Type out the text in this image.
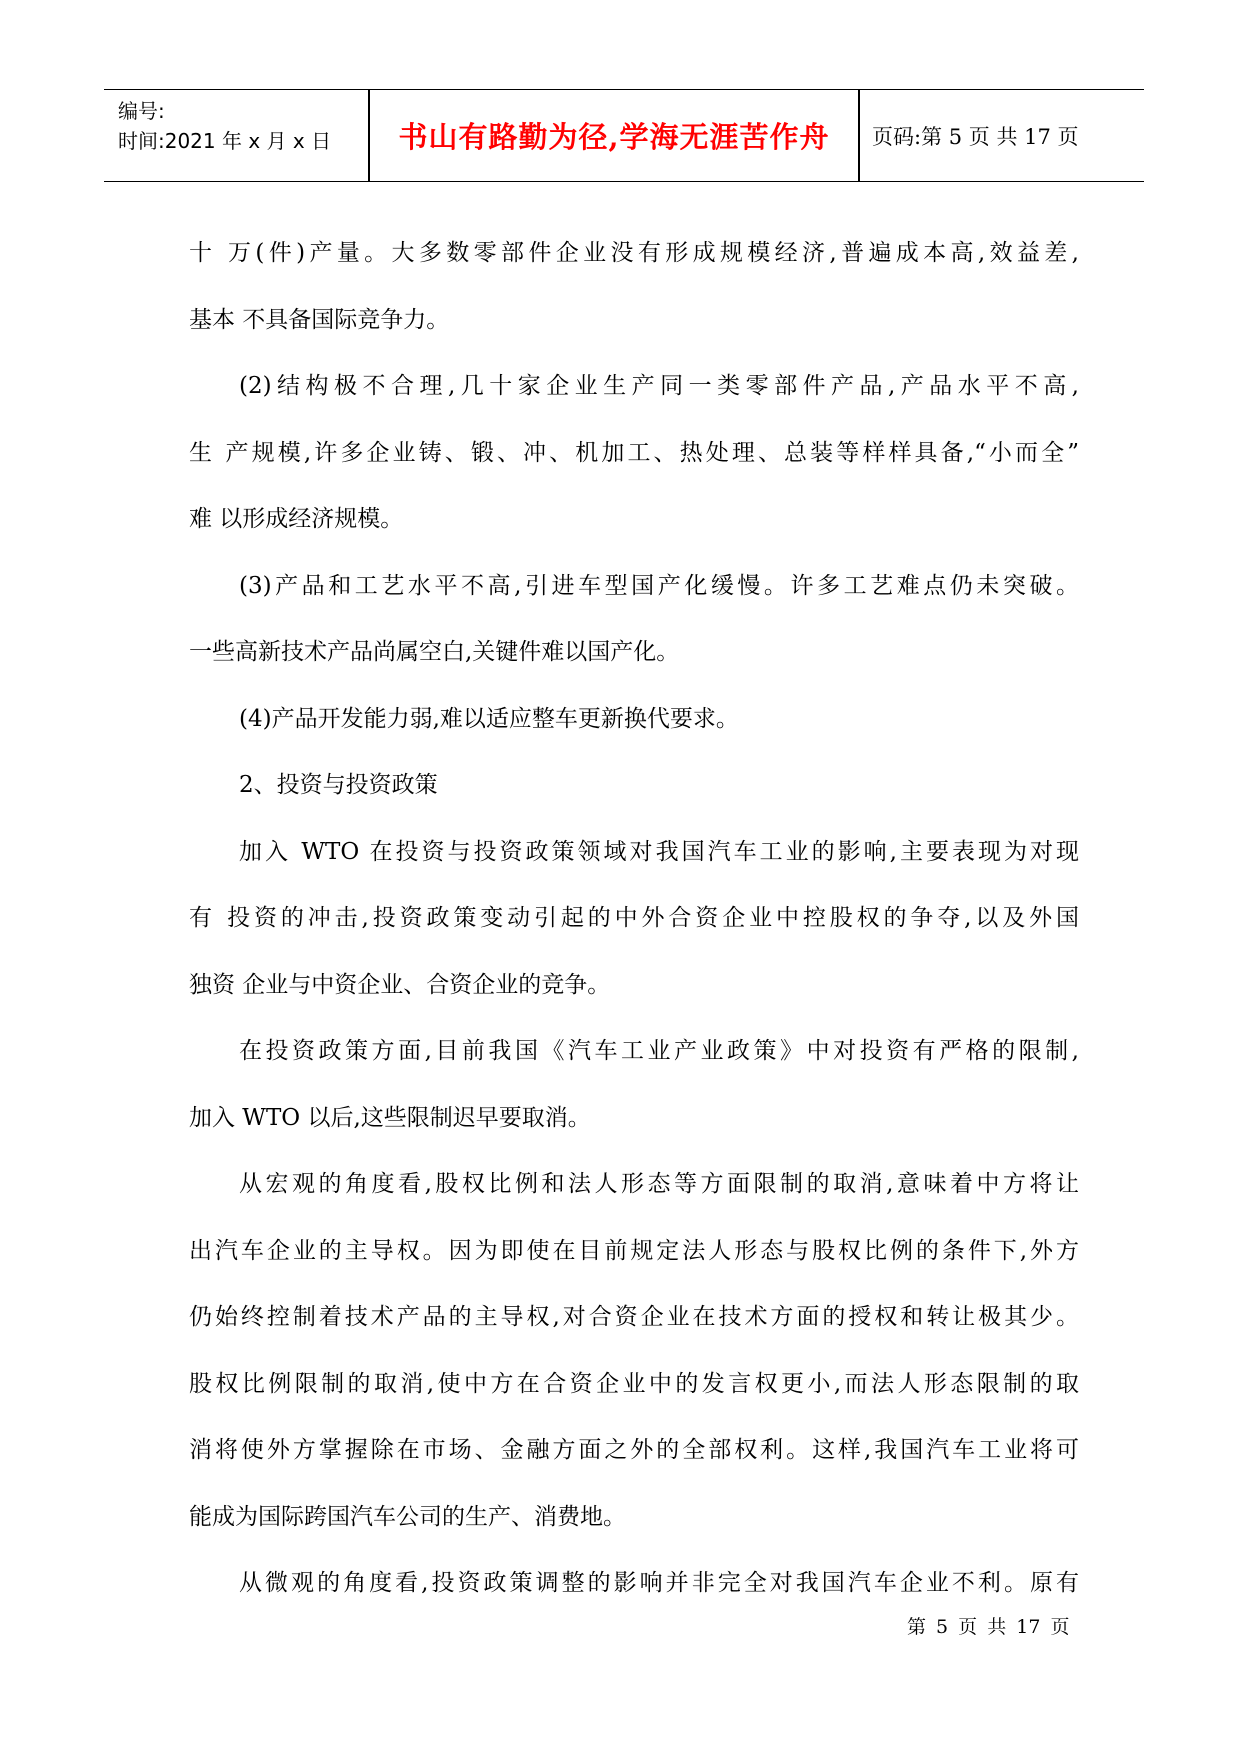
编号:
时间:2021 年 x 月 x 日	书山有路勤为径,学海无涯苦作舟	页码:第 5 页 共 17 页

十 万(件)产量。大多数零部件企业没有形成规模经济,普遍成本高,效益差,

基本 不具备国际竞争力。

(2)结构极不合理,几十家企业生产同一类零部件产品,产品水平不高,

生 产规模,许多企业铸、锻、冲、机加工、热处理、总装等样样具备,“小而全”

难 以形成经济规模。

(3)产品和工艺水平不高,引进车型国产化缓慢。许多工艺难点仍未突破。

一些高新技术产品尚属空白,关键件难以国产化。

(4)产品开发能力弱,难以适应整车更新换代要求。

2、投资与投资政策

加入 WTO 在投资与投资政策领域对我国汽车工业的影响,主要表现为对现

有 投资的冲击,投资政策变动引起的中外合资企业中控股权的争夺,以及外国

独资 企业与中资企业、合资企业的竞争。

在投资政策方面,目前我国《汽车工业产业政策》中对投资有严格的限制,

加入 WTO 以后,这些限制迟早要取消。

从宏观的角度看,股权比例和法人形态等方面限制的取消,意味着中方将让

出汽车企业的主导权。因为即使在目前规定法人形态与股权比例的条件下,外方

仍始终控制着技术产品的主导权,对合资企业在技术方面的授权和转让极其少。

股权比例限制的取消,使中方在合资企业中的发言权更小,而法人形态限制的取

消将使外方掌握除在市场、金融方面之外的全部权利。这样,我国汽车工业将可

能成为国际跨国汽车公司的生产、消费地。

从微观的角度看,投资政策调整的影响并非完全对我国汽车企业不利。原有

第 5 页 共 17 页
